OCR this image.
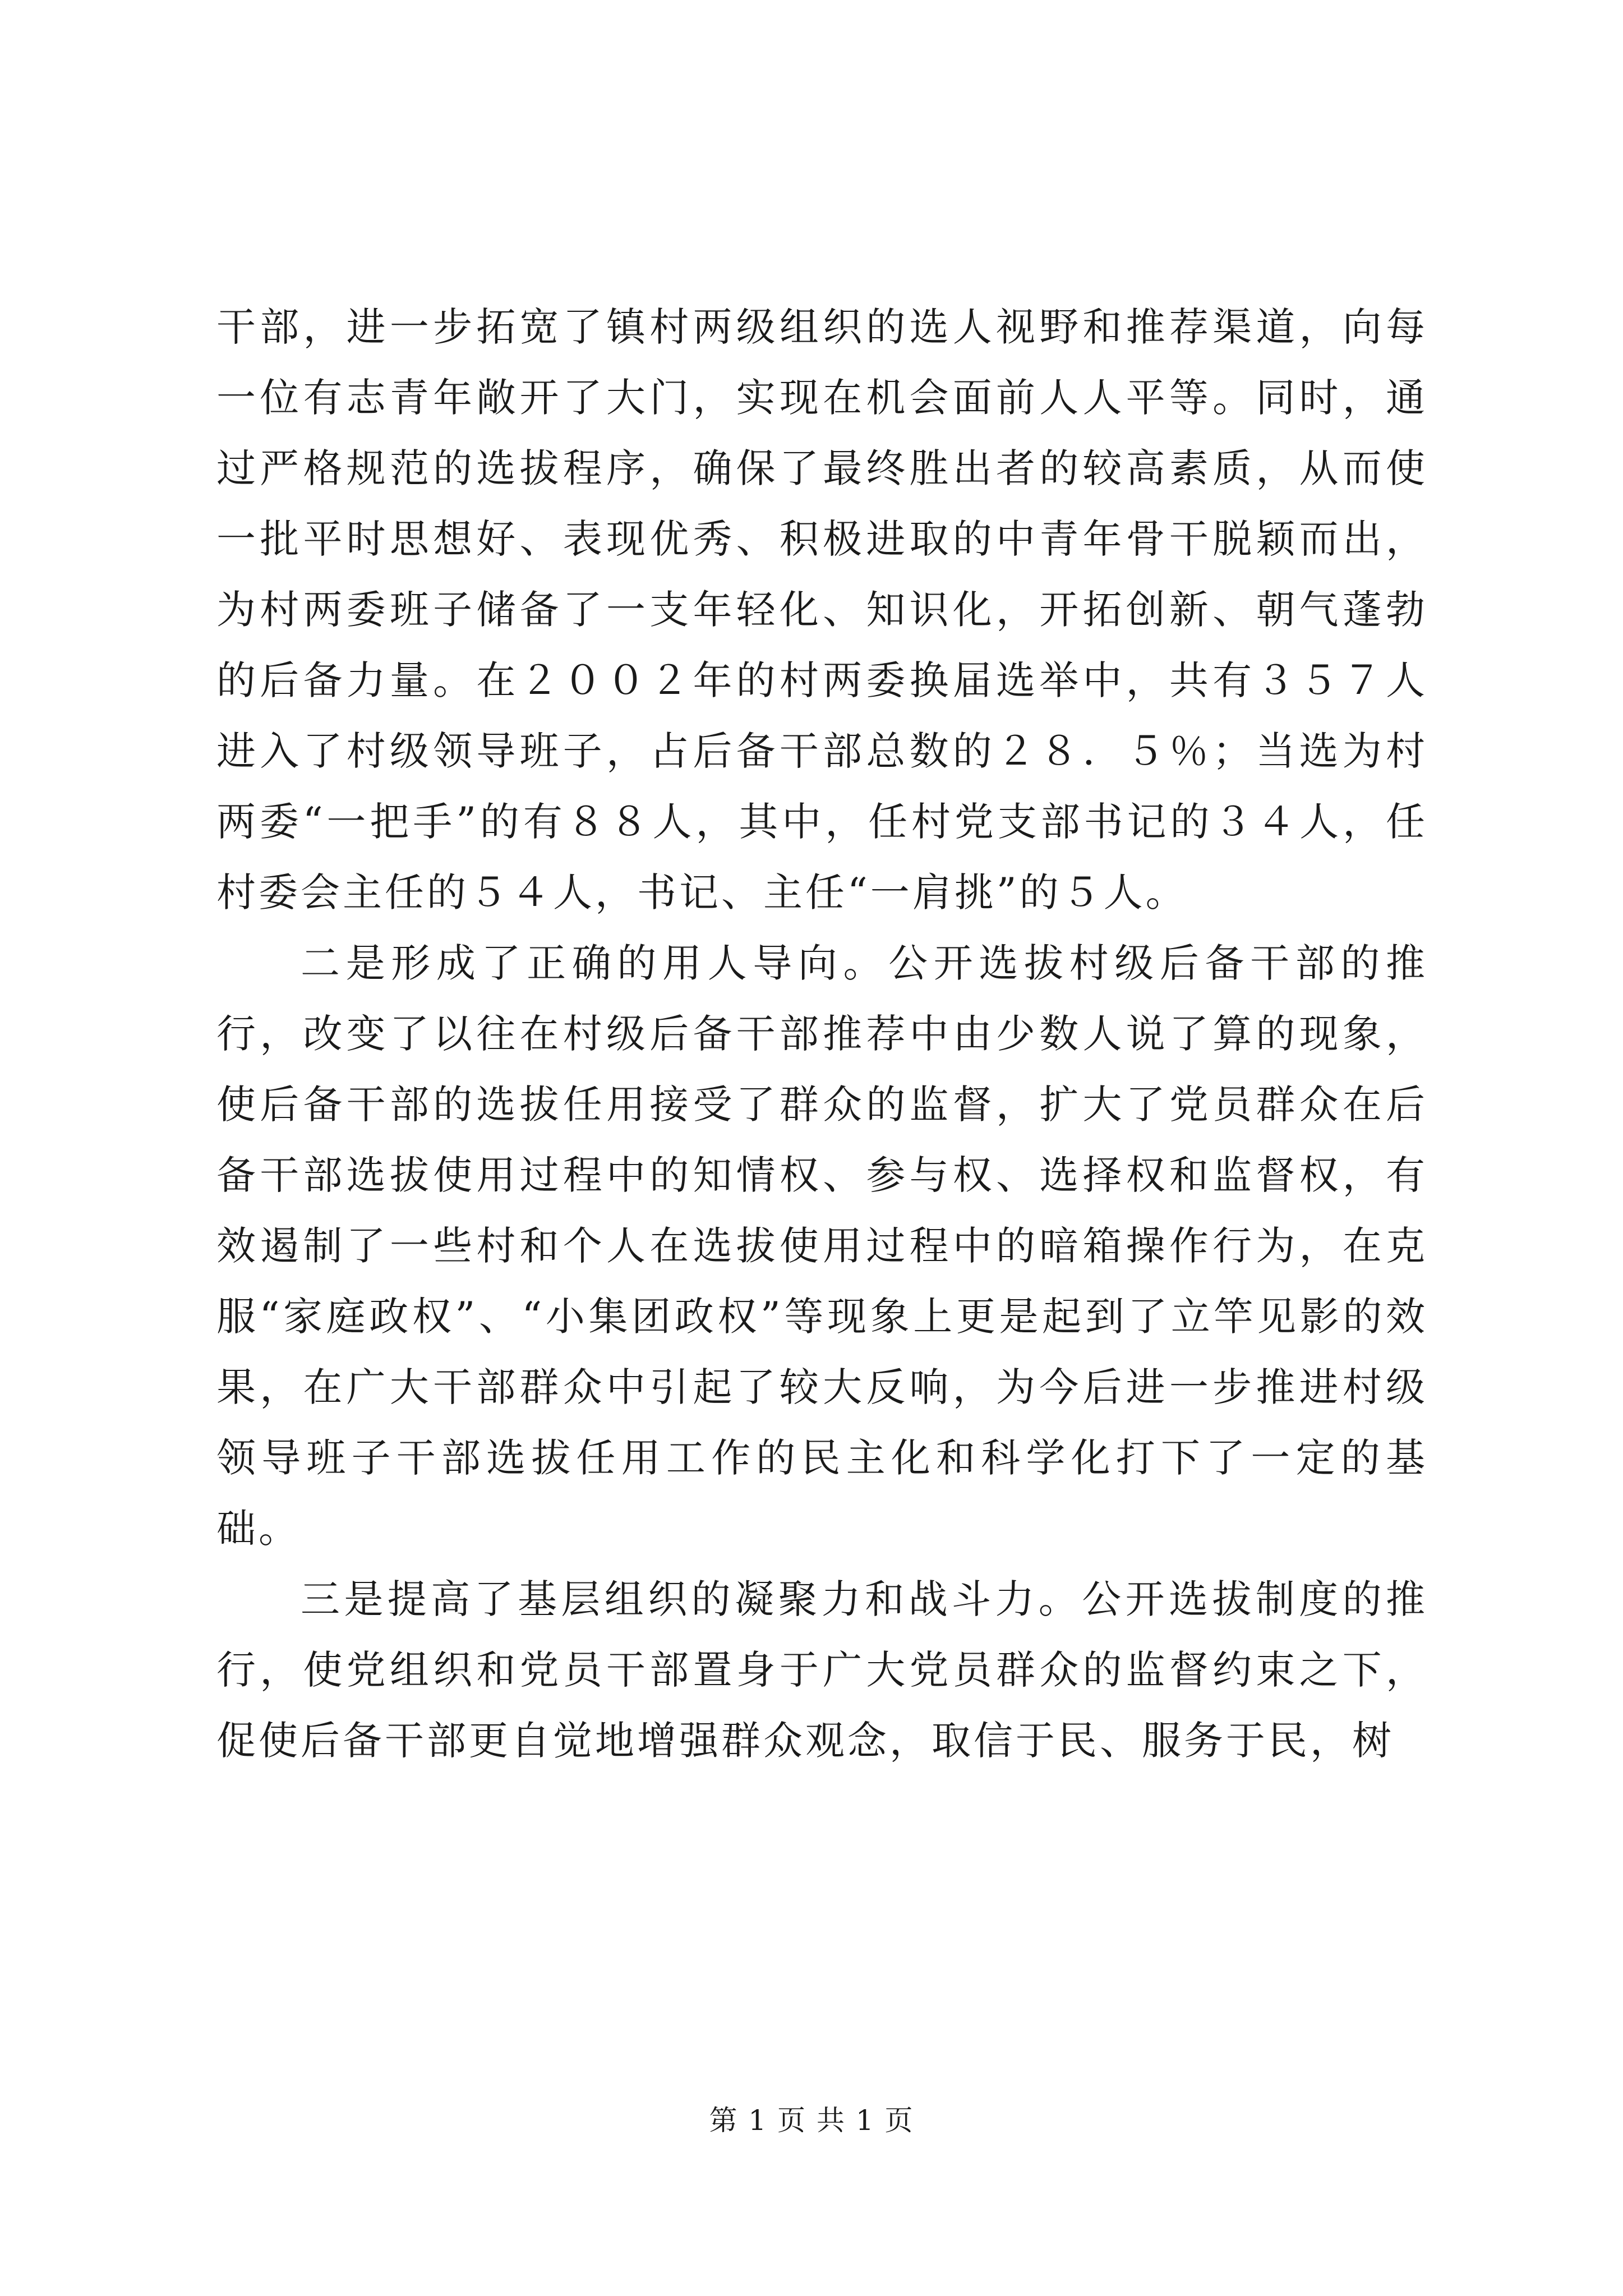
干部，进一步拓宽了镇村两级组织的选人视野和推荐渠道，向每一位有志青年敞开了大门，实现在机会面前人人平等。同时，通过严格规范的选拔程序，确保了最终胜出者的较高素质，从而使一批平时思想好、表现优秀、积极进取的中青年骨干脱颖而出，为村两委班子储备了一支年轻化、知识化，开拓创新、朝气蓬勃的后备力量。在２００２年的村两委换届选举中，共有３５７人进入了村级领导班子，占后备干部总数的２８．５％；当选为村两委“一把手”的有８８人，其中，任村党支部书记的３４人，任村委会主任的５４人，书记、主任“一肩挑”的５人。

二是形成了正确的用人导向。公开选拔村级后备干部的推行，改变了以往在村级后备干部推荐中由少数人说了算的现象，使后备干部的选拔任用接受了群众的监督，扩大了党员群众在后备干部选拔使用过程中的知情权、参与权、选择权和监督权，有效遏制了一些村和个人在选拔使用过程中的暗箱操作行为，在克服“家庭政权”、“小集团政权”等现象上更是起到了立竿见影的效果，在广大干部群众中引起了较大反响，为今后进一步推进村级领导班子干部选拔任用工作的民主化和科学化打下了一定的基础。

三是提高了基层组织的凝聚力和战斗力。公开选拔制度的推行，使党组织和党员干部置身于广大党员群众的监督约束之下，促使后备干部更自觉地增强群众观念，取信于民、服务于民，树

第 1 页 共 1 页
